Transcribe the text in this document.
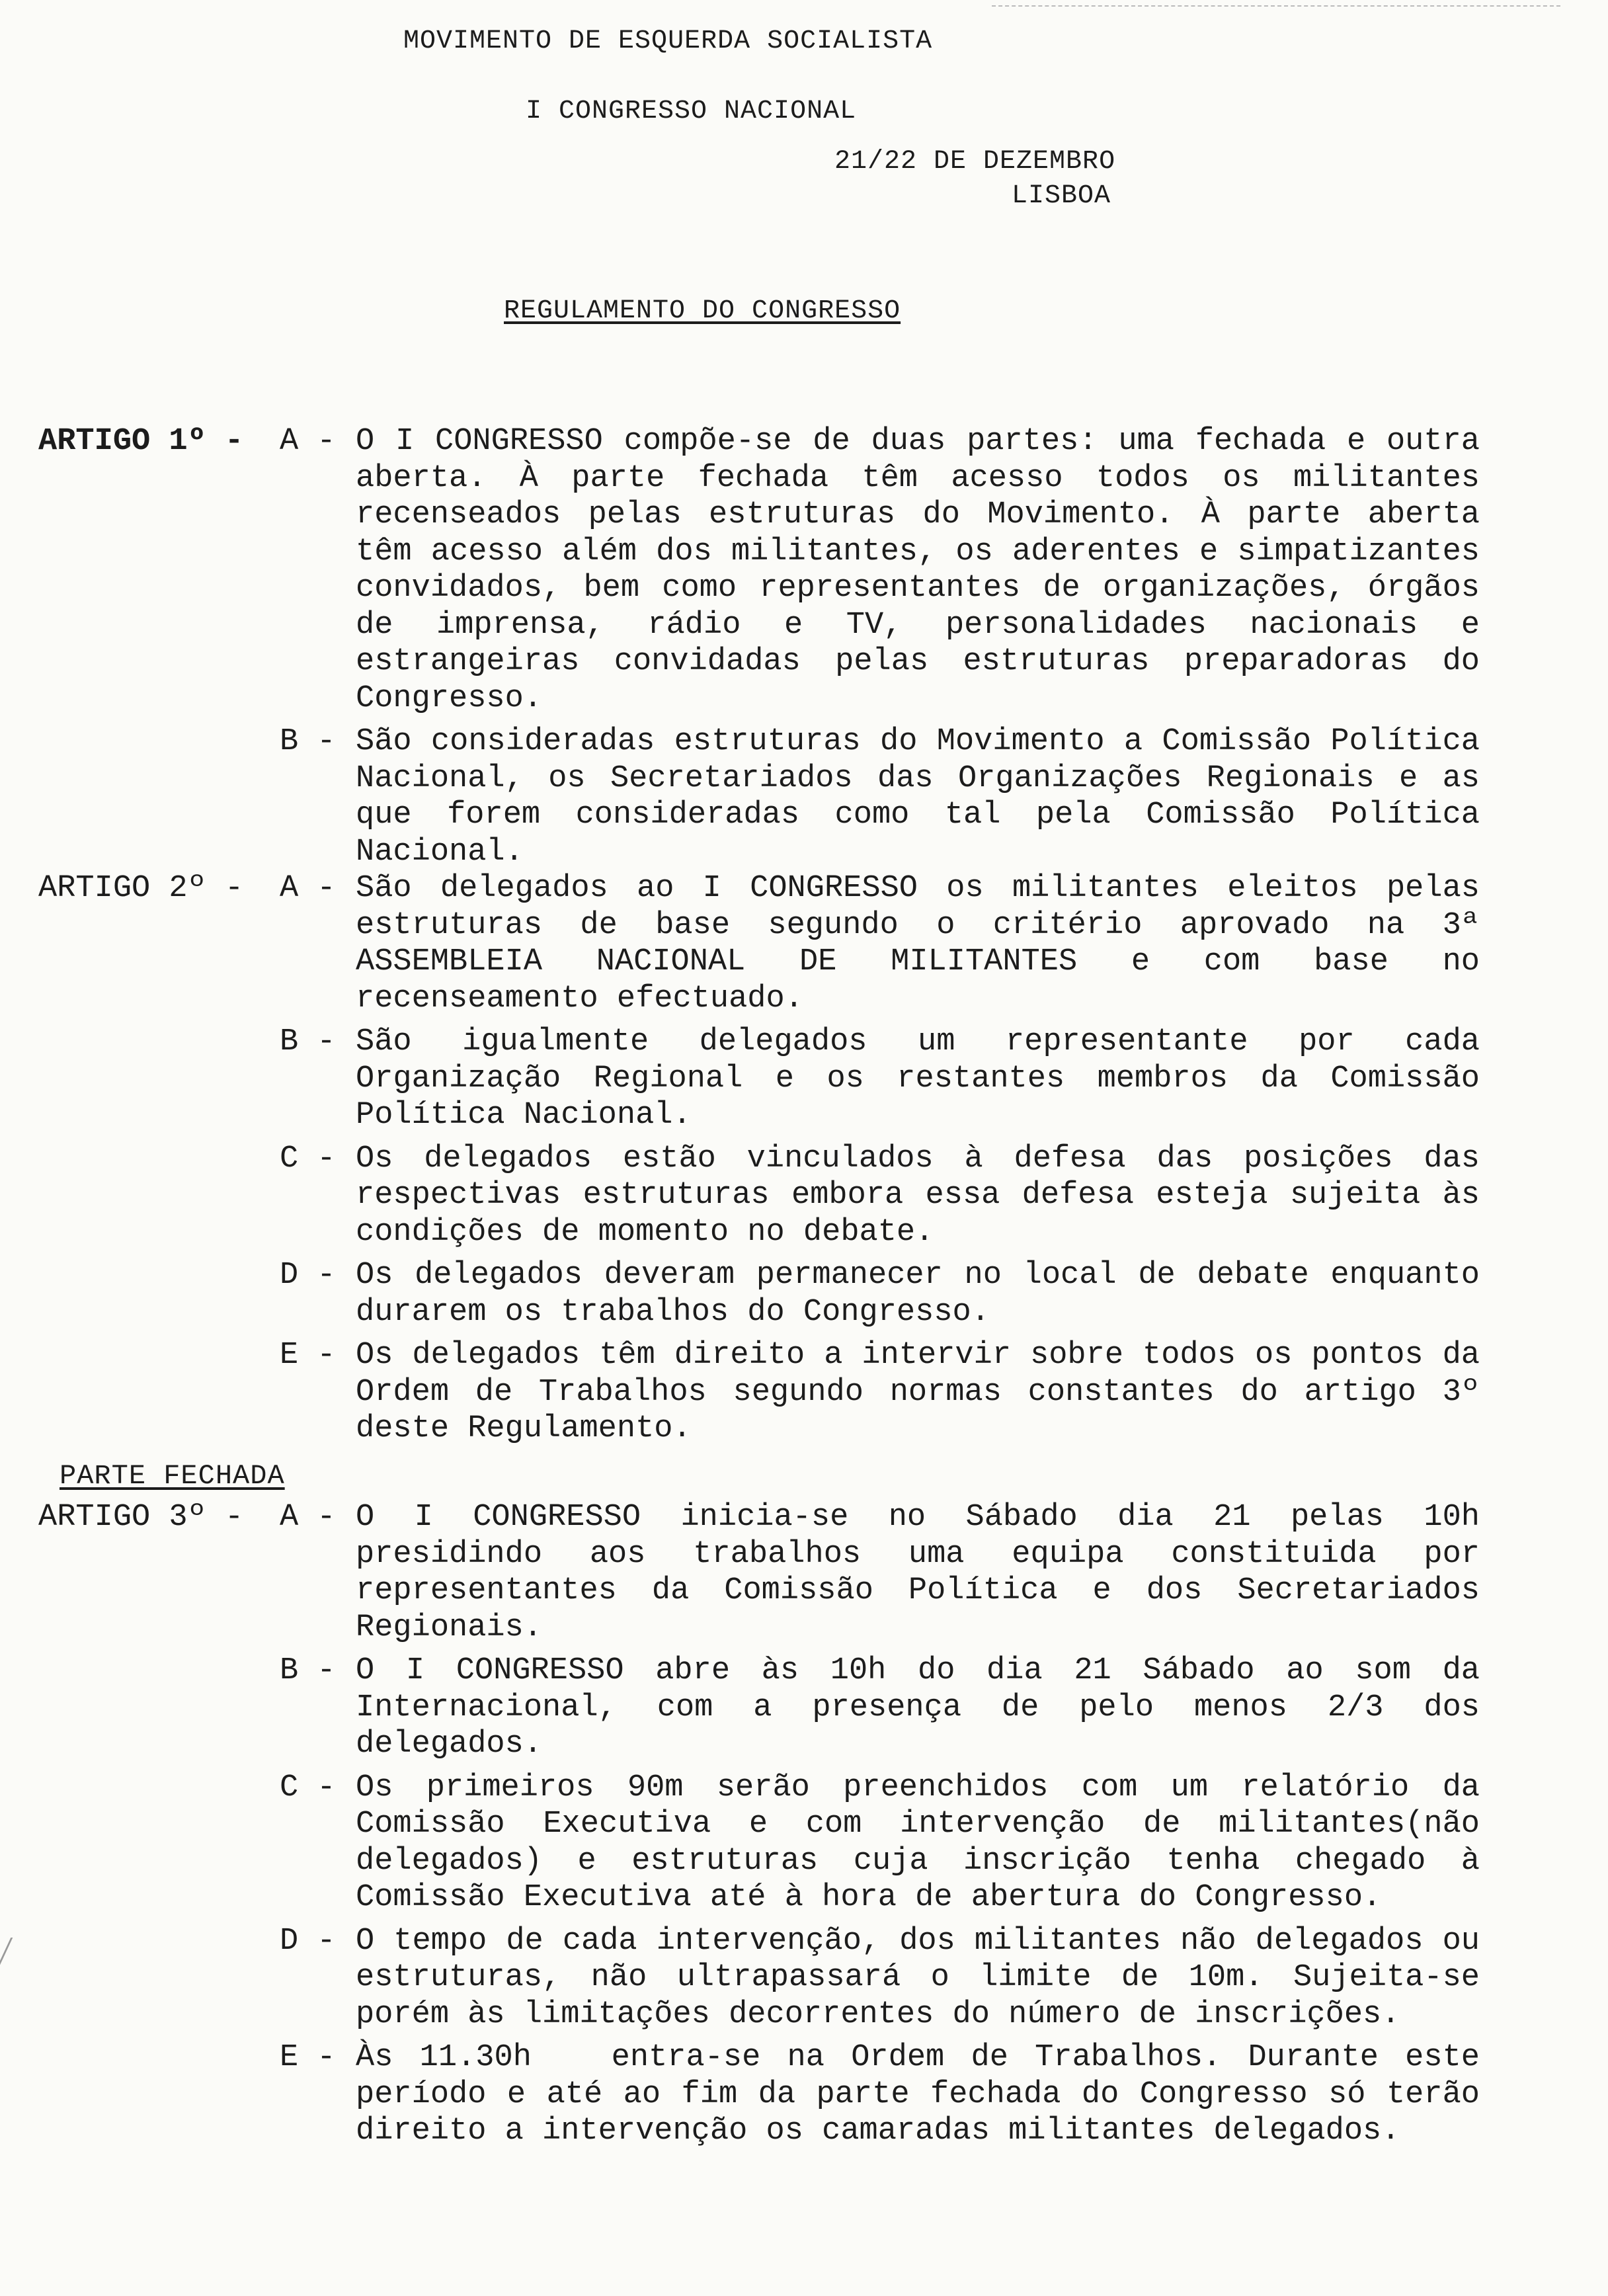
MOVIMENTO DE ESQUERDA SOCIALISTA
I CONGRESSO NACIONAL
21/22 DE DEZEMBRO
LISBOA
REGULAMENTO DO CONGRESSO
ARTIGO 1º - A - O I CONGRESSO compõe-se de duas partes: uma fechada e outra aberta. À parte fechada têm acesso todos os militantes recenseados pelas estruturas do Movimento. À parte aberta têm acesso além dos militantes, os aderentes e simpatizantes convidados, bem como representantes de organizações, órgãos de imprensa, rádio e TV, personalidades nacionais e estrangeiras convidadas pelas estruturas preparadoras do Congresso.
B - São consideradas estruturas do Movimento a Comissão Política Nacional, os Secretariados das Organizações Regionais e as que forem consideradas como tal pela Comissão Política Nacional.
ARTIGO 2º - A - São delegados ao I CONGRESSO os militantes eleitos pelas estruturas de base segundo o critério aprovado na 3ª ASSEMBLEIA NACIONAL DE MILITANTES e com base no recenseamento efectuado.
B - São igualmente delegados um representante por cada Organização Regional e os restantes membros da Comissão Política Nacional.
C - Os delegados estão vinculados à defesa das posições das respectivas estruturas embora essa defesa esteja sujeita às condições de momento no debate.
D - Os delegados deveram permanecer no local de debate enquanto durarem os trabalhos do Congresso.
E - Os delegados têm direito a intervir sobre todos os pontos da Ordem de Trabalhos segundo normas constantes do artigo 3º deste Regulamento.
PARTE FECHADA
ARTIGO 3º - A - O I CONGRESSO inicia-se no Sábado dia 21 pelas 10h presidindo aos trabalhos uma equipa constituida por representantes da Comissão Política e dos Secretariados Regionais.
B - O I CONGRESSO abre às 10h do dia 21 Sábado ao som da Internacional, com a presença de pelo menos 2/3 dos delegados.
C - Os primeiros 90m serão preenchidos com um relatório da Comissão Executiva e com intervenção de militantes(não delegados) e estruturas cuja inscrição tenha chegado à Comissão Executiva até à hora de abertura do Congresso.
D - O tempo de cada intervenção, dos militantes não delegados ou estruturas, não ultrapassará o limite de 10m. Sujeita-se porém às limitações decorrentes do número de inscrições.
E - Às 11.30h   entra-se na Ordem de Trabalhos. Durante este período e até ao fim da parte fechada do Congresso só terão direito a intervenção os camaradas militantes delegados.
